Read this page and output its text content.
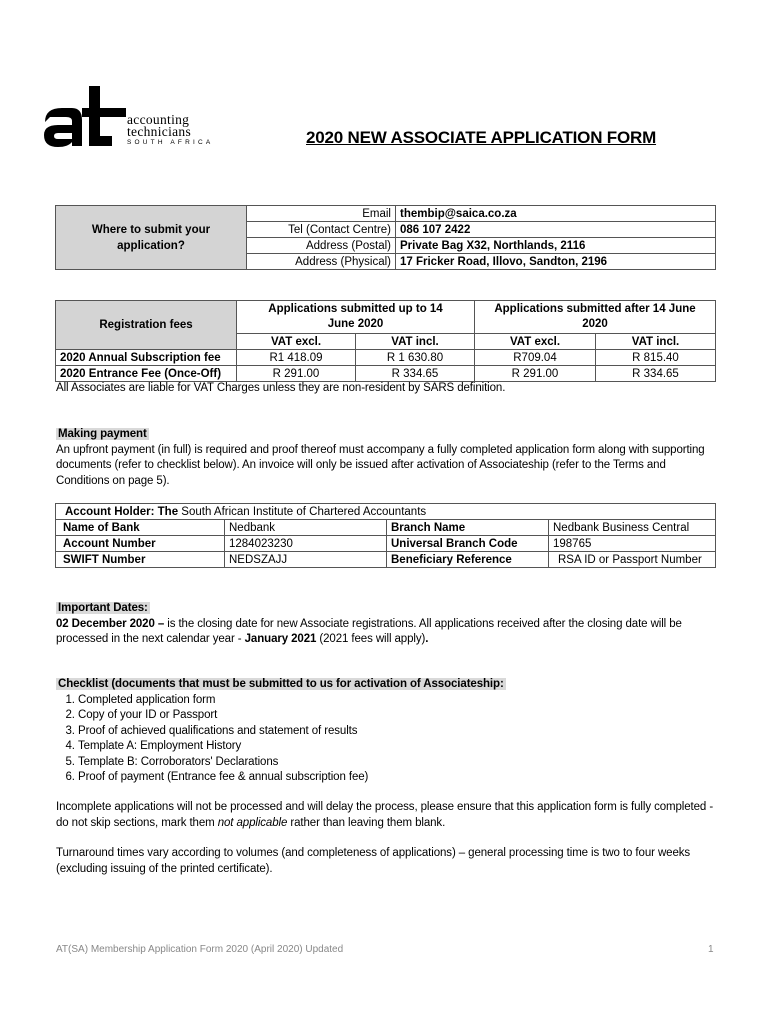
accounting
technicians
SOUTH AFRICA	2020 NEW ASSOCIATE APPLICATION FORM
Where to submit your application?	Email	thembip@saica.co.za
	Tel (Contact Centre)	086 107 2422
	Address (Postal)	Private Bag X32, Northlands, 2116
	Address (Physical)	17 Fricker Road, Illovo, Sandton, 2196
Registration fees	Applications submitted up to 14 June 2020		Applications submitted after 14 June 2020	
	VAT excl.	VAT incl.	VAT excl.	VAT incl.
2020 Annual Subscription fee	R1 418.09	R 1 630.80	R709.04	R 815.40
2020 Entrance Fee (Once-Off)	R 291.00	R 334.65	R 291.00	R 334.65
All Associates are liable for VAT Charges unless they are non-resident by SARS definition.
Making payment
An upfront payment (in full) is required and proof thereof must accompany a fully completed application form along with supporting documents (refer to checklist below). An invoice will only be issued after activation of Associateship (refer to the Terms and Conditions on page 5).
Account Holder: The South African Institute of Chartered Accountants			
Name of Bank	Nedbank	Branch Name	Nedbank Business Central
Account Number	1284023230	Universal Branch Code	198765
SWIFT Number	NEDSZAJJ	Beneficiary Reference	RSA ID or Passport Number
Important Dates:
02 December 2020 – is the closing date for new Associate registrations. All applications received after the closing date will be processed in the next calendar year - January 2021 (2021 fees will apply).
Checklist (documents that must be submitted to us for activation of Associateship:
1. Completed application form
2. Copy of your ID or Passport
3. Proof of achieved qualifications and statement of results
4. Template A: Employment History
5. Template B: Corroborators' Declarations
6. Proof of payment (Entrance fee & annual subscription fee)
Incomplete applications will not be processed and will delay the process, please ensure that this application form is fully completed - do not skip sections, mark them not applicable rather than leaving them blank.
Turnaround times vary according to volumes (and completeness of applications) – general processing time is two to four weeks (excluding issuing of the printed certificate).
AT(SA) Membership Application Form 2020 (April 2020) Updated	1
